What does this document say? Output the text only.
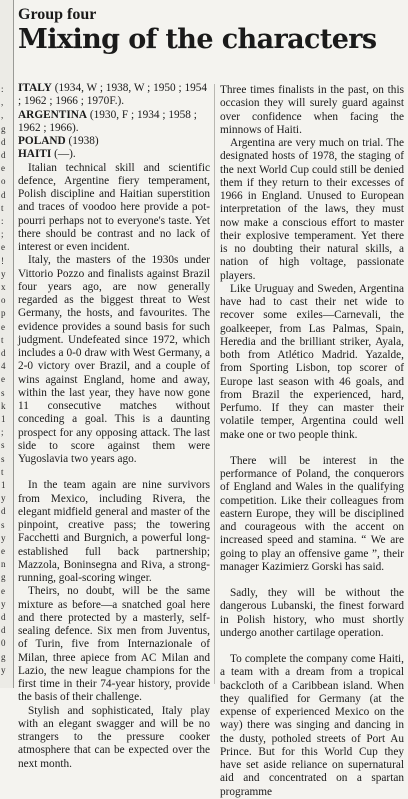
:
,
,
g
d
d
e
o
d
t
:
;
e
!
y
x
o
p
e
t
d
4
e
s
k
1
;
s
s
t
1
y
d
s
y
e
n
g
e
y
d
d
0
g
y
Group four
Mixing of the characters
ITALY (1934, W ; 1938, W ; 1950 ; 1954 ; 1962 ; 1966 ; 1970F.).
ARGENTINA (1930, F ; 1934 ; 1958 ; 1962 ; 1966).
POLAND (1938)
HAITI (—).

Italian technical skill and scientific defence, Argentine fiery temperament, Polish discipline and Haitian superstition and traces of voodoo here provide a pot-pourri perhaps not to everyone's taste. Yet there should be contrast and no lack of interest or even incident.

Italy, the masters of the 1930s under Vittorio Pozzo and finalists against Brazil four years ago, are now generally regarded as the biggest threat to West Germany, the hosts, and favourites. The evidence provides a sound basis for such judgment. Undefeated since 1972, which includes a 0-0 draw with West Germany, a 2-0 victory over Brazil, and a couple of wins against England, home and away, within the last year, they have now gone 11 consecutive matches without conceding a goal. This is a daunting prospect for any opposing attack. The last side to score against them were Yugoslavia two years ago.

In the team again are nine survivors from Mexico, including Rivera, the elegant midfield general and master of the pinpoint, creative pass; the towering Facchetti and Burgnich, a powerful long-established full back partnership; Mazzola, Boninsegna and Riva, a strong-running, goal-scoring winger.

Theirs, no doubt, will be the same mixture as before—a snatched goal here and there protected by a masterly, self-sealing defence. Six men from Juventus, of Turin, five from Internazionale of Milan, three apiece from AC Milan and Lazio, the new league champions for the first time in their 74-year history, provide the basis of their challenge.

Stylish and sophisticated, Italy play with an elegant swagger and will be no strangers to the pressure cooker atmosphere that can be expected over the next month.

Three times finalists in the past, on this occasion they will surely guard against over confidence when facing the minnows of Haiti.

Argentina are very much on trial. The designated hosts of 1978, the staging of the next World Cup could still be denied them if they return to their excesses of 1966 in England. Unused to European interpretation of the laws, they must now make a conscious effort to master their explosive temperament. Yet there is no doubting their natural skills, a nation of high voltage, passionate players.

Like Uruguay and Sweden, Argentina have had to cast their net wide to recover some exiles—Carnevali, the goalkeeper, from Las Palmas, Spain, Heredia and the brilliant striker, Ayala, both from Atlético Madrid. Yazalde, from Sporting Lisbon, top scorer of Europe last season with 46 goals, and from Brazil the experienced, hard, Perfumo. If they can master their volatile temper, Argentina could well make one or two people think.

There will be interest in the performance of Poland, the conquerors of England and Wales in the qualifying competition. Like their colleagues from eastern Europe, they will be disciplined and courageous with the accent on increased speed and stamina. “ We are going to play an offensive game ”, their manager Kazimierz Gorski has said.

Sadly, they will be without the dangerous Lubanski, the finest forward in Polish history, who must shortly undergo another cartilage operation.

To complete the company come Haiti, a team with a dream from a tropical backcloth of a Caribbean island. When they qualified for Germany (at the expense of experienced Mexico on the way) there was singing and dancing in the dusty, potholed streets of Port Au Prince. But for this World Cup they have set aside reliance on supernatural aid and concentrated on a spartan programme
